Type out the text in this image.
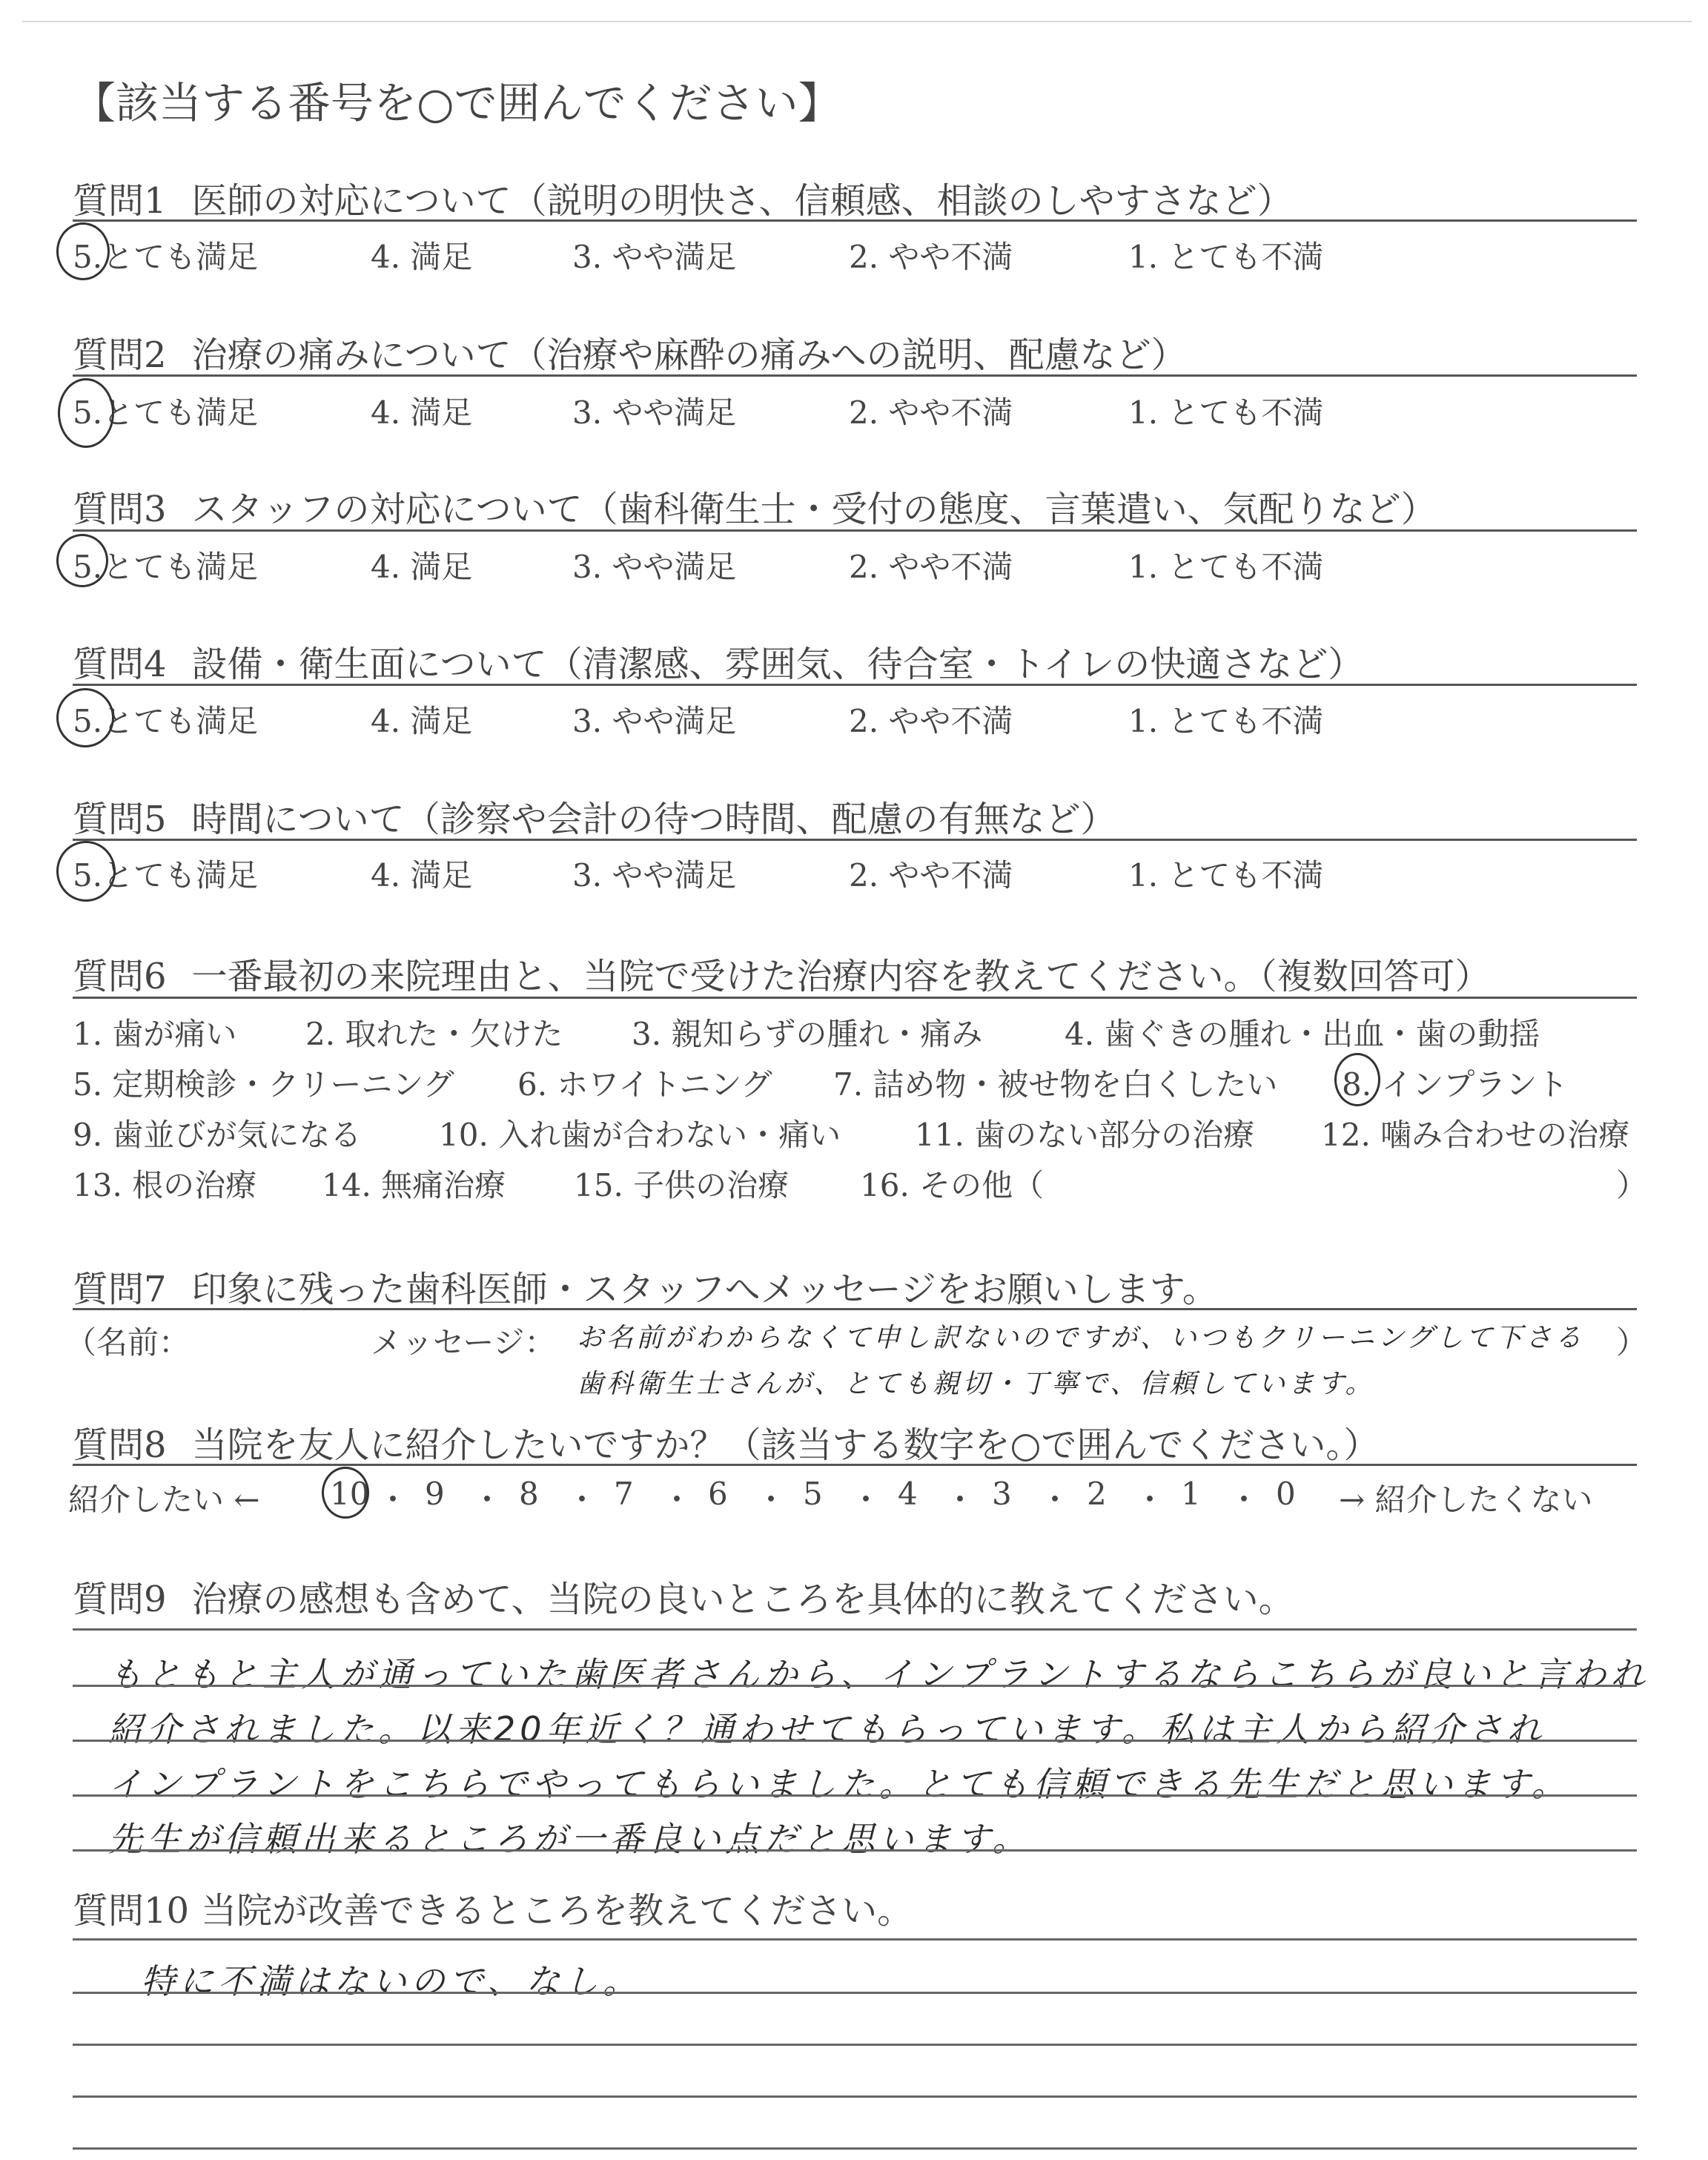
【該当する番号を○で囲んでください】
質問1 医師の対応について（説明の明快さ、信頼感、相談のしやすさなど）
5.とても満足	4. 満足	3. やや満足	2. やや不満	1. とても不満
質問2 治療の痛みについて（治療や麻酔の痛みへの説明、配慮など）
5.とても満足	4. 満足	3. やや満足	2. やや不満	1. とても不満
質問3 スタッフの対応について（歯科衛生士・受付の態度、言葉遣い、気配りなど）
5.とても満足	4. 満足	3. やや満足	2. やや不満	1. とても不満
質問4 設備・衛生面について（清潔感、雰囲気、待合室・トイレの快適さなど）
5.とても満足	4. 満足	3. やや満足	2. やや不満	1. とても不満
質問5 時間について（診察や会計の待つ時間、配慮の有無など）
5.とても満足	4. 満足	3. やや満足	2. やや不満	1. とても不満
質問6 一番最初の来院理由と、当院で受けた治療内容を教えてください。（複数回答可）
1. 歯が痛い 2. 取れた・欠けた 3. 親知らずの腫れ・痛み	4. 歯ぐきの腫れ・出血・歯の動揺
5. 定期検診・クリーニング 6. ホワイトニング 7. 詰め物・被せ物を白くしたい 8. インプラント
9. 歯並びが気になる 10. 入れ歯が合わない・痛い 11. 歯のない部分の治療 12. 噛み合わせの治療
13. 根の治療 14. 無痛治療 15. 子供の治療 16. その他（	）
質問7 印象に残った歯科医師・スタッフへメッセージをお願いします。
（名前：	メッセージ： お名前がわからなくて申し訳ないのですが、いつもクリーニングして下さる ）
歯科衛生士さんが、とても親切・丁寧で、信頼しています。
質問8 当院を友人に紹介したいですか？（該当する数字を○で囲んでください。）
紹介したい ← 10 ・ 9 ・ 8 ・ 7 ・ 6 ・ 5 ・ 4 ・ 3 ・ 2 ・ 1 ・ 0 → 紹介したくない
質問9 治療の感想も含めて、当院の良いところを具体的に教えてください。
もともと主人が通っていた歯医者さんから、インプラントするならこちらが良いと言われ
紹介されました。以来20年近く？通わせてもらっています。私は主人から紹介され
インプラントをこちらでやってもらいました。とても信頼できる先生だと思います。
先生が信頼出来るところが一番良い点だと思います。
質問10 当院が改善できるところを教えてください。
特に不満はないので、なし。
